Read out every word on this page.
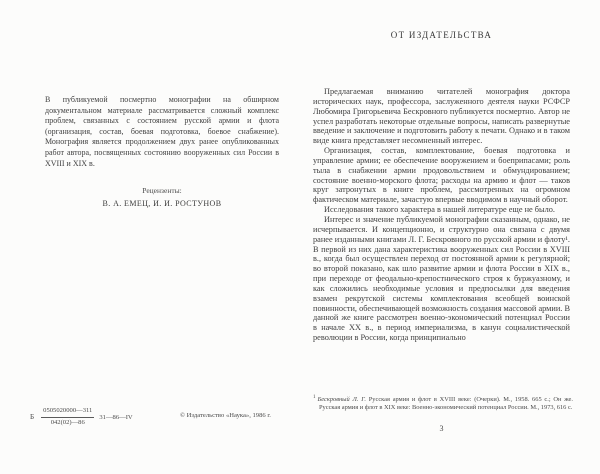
В публикуемой посмертно монографии на обширном документальном материале рассматривается сложный комплекс проблем, связанных с состоянием русской армии и флота (организация, состав, боевая подготовка, боевое снабжение). Монография является продолжением двух ранее опубликованных работ автора, посвященных состоянию вооруженных сил России в XVIII и XIX в.

Рецензенты:
В. А. ЕМЕЦ, И. И. РОСТУНОВ
Б $\frac{0505020000—311}{042(02)—86}$ 31—86—IV	© Издательство «Наука», 1986 г.
ОТ ИЗДАТЕЛЬСТВА

Предлагаемая вниманию читателей монография доктора исторических наук, профессора, заслуженного деятеля науки РСФСР Любомира Григорьевича Бескровного публикуется посмертно. Автор не успел разработать некоторые отдельные вопросы, написать развернутые введение и заключение и подготовить работу к печати. Однако и в таком виде книга представляет несомненный интерес.

Организация, состав, комплектование, боевая подготовка и управление армии; ее обеспечение вооружением и боеприпасами; роль тыла в снабжении армии продовольствием и обмундированием; состояние военно-морского флота; расходы на армию и флот — таков круг затронутых в книге проблем, рассмотренных на огромном фактическом материале, зачастую впервые вводимом в научный оборот.

Исследования такого характера в нашей литературе еще не было.

Интерес и значение публикуемой монографии сказанным, однако, не исчерпывается. И концепционно, и структурно она связана с двумя ранее изданными книгами Л. Г. Бескровного по русской армии и флоту¹. В первой из них дана характеристика вооруженных сил России в XVIII в., когда был осуществлен переход от постоянной армии к регулярной; во второй показано, как шло развитие армии и флота России в XIX в., при переходе от феодально-крепостнического строя к буржуазному, и как сложились необходимые условия и предпосылки для введения взамен рекрутской системы комплектования всеобщей воинской повинности, обеспечивающей возможность создания массовой армии. В данной же книге рассмотрен военно-экономический потенциал России в начале XX в., в период империализма, в канун социалистической революции в России, когда принципиально

$^1$ Бескровный Л. Г. Русская армия и флот в XVIII веке: (Очерки). М., 1958. 665 с.; Он же. Русская армия и флот в XIX веке: Военно-экономический потенциал России. М., 1973, 616 с.
3
